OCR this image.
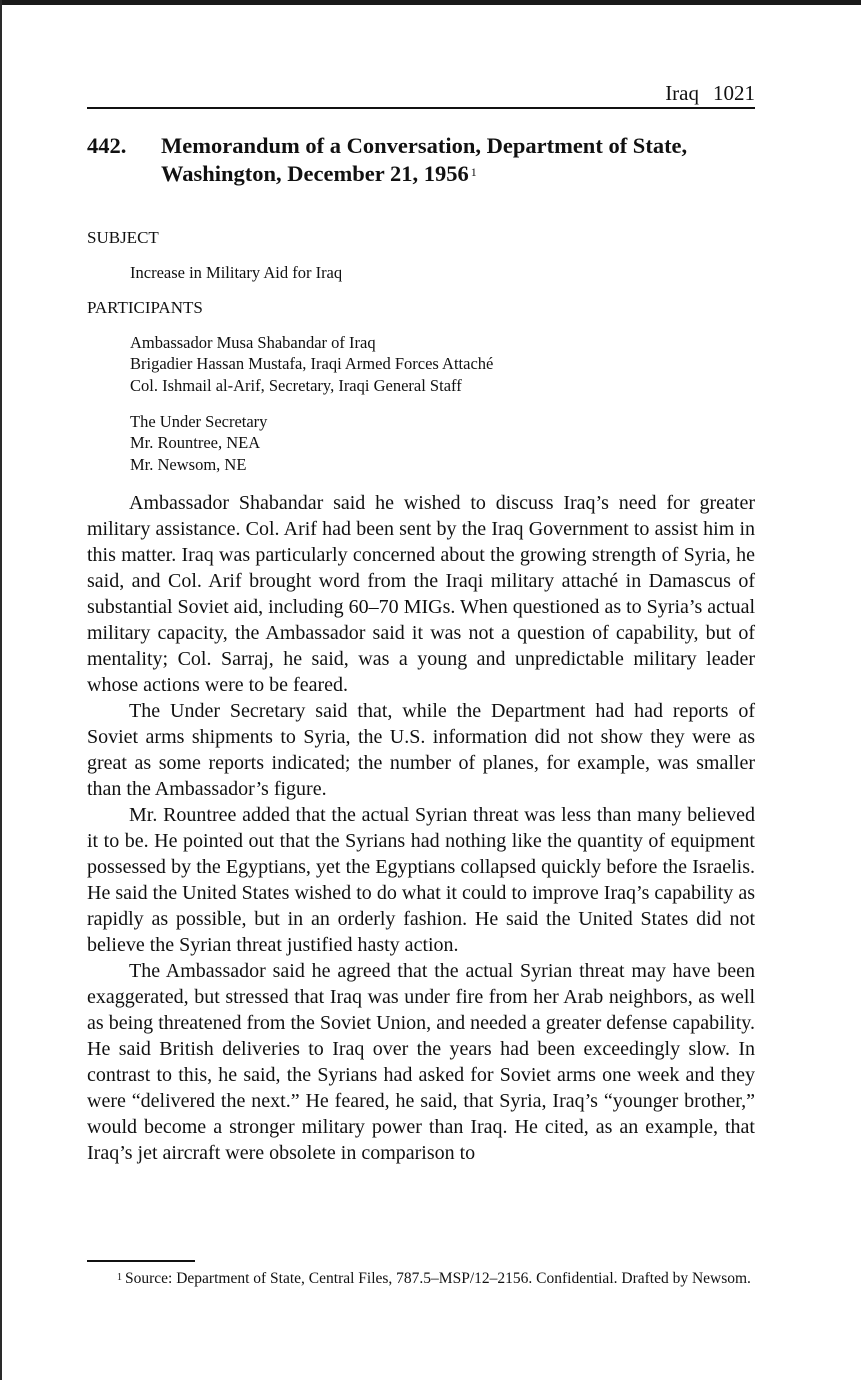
Iraq 1021
442. Memorandum of a Conversation, Department of State, Washington, December 21, 1956 $^1$
SUBJECT
Increase in Military Aid for Iraq
PARTICIPANTS
Ambassador Musa Shabandar of Iraq
Brigadier Hassan Mustafa, Iraqi Armed Forces Attaché
Col. Ishmail al-Arif, Secretary, Iraqi General Staff
The Under Secretary
Mr. Rountree, NEA
Mr. Newsom, NE

Ambassador Shabandar said he wished to discuss Iraq’s need for greater military assistance. Col. Arif had been sent by the Iraq Government to assist him in this matter. Iraq was particularly concerned about the growing strength of Syria, he said, and Col. Arif brought word from the Iraqi military attaché in Damascus of substantial Soviet aid, including 60–70 MIGs. When questioned as to Syria’s actual military capacity, the Ambassador said it was not a question of capability, but of mentality; Col. Sarraj, he said, was a young and unpredictable military leader whose actions were to be feared.

The Under Secretary said that, while the Department had had reports of Soviet arms shipments to Syria, the U.S. information did not show they were as great as some reports indicated; the number of planes, for example, was smaller than the Ambassador’s figure.

Mr. Rountree added that the actual Syrian threat was less than many believed it to be. He pointed out that the Syrians had nothing like the quantity of equipment possessed by the Egyptians, yet the Egyptians collapsed quickly before the Israelis. He said the United States wished to do what it could to improve Iraq’s capability as rapidly as possible, but in an orderly fashion. He said the United States did not believe the Syrian threat justified hasty action.

The Ambassador said he agreed that the actual Syrian threat may have been exaggerated, but stressed that Iraq was under fire from her Arab neighbors, as well as being threatened from the Soviet Union, and needed a greater defense capability. He said British deliveries to Iraq over the years had been exceedingly slow. In contrast to this, he said, the Syrians had asked for Soviet arms one week and they were “delivered the next.” He feared, he said, that Syria, Iraq’s “younger brother,” would become a stronger military power than Iraq. He cited, as an example, that Iraq’s jet aircraft were obsolete in comparison to

$^1$ Source: Department of State, Central Files, 787.5–MSP/12–2156. Confidential. Drafted by Newsom.
